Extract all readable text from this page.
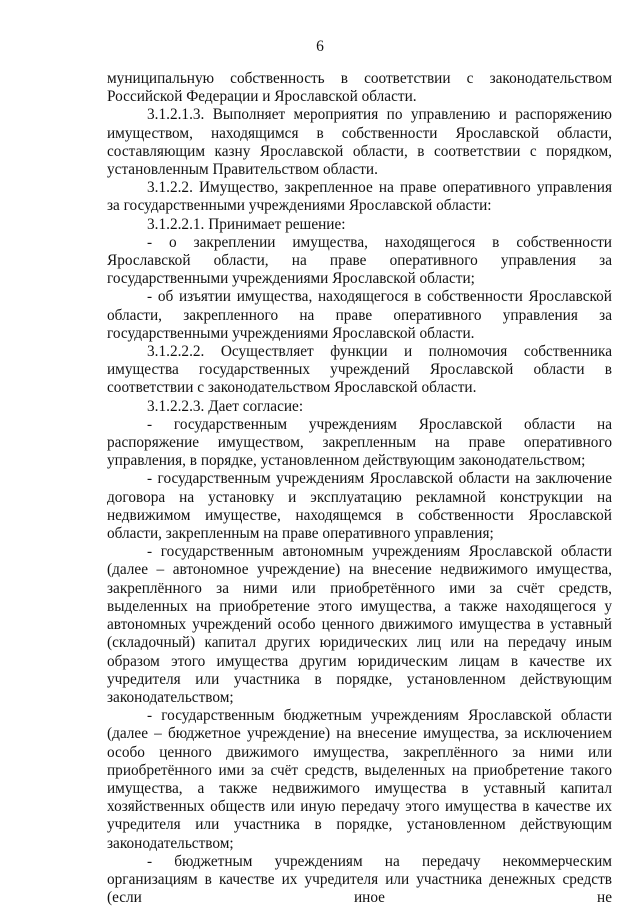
6

муниципальную собственность в соответствии с законодательством Российской Федерации и Ярославской области.

3.1.2.1.3. Выполняет мероприятия по управлению и распоряжению имуществом, находящимся в собственности Ярославской области, составляющим казну Ярославской области, в соответствии с порядком, установленным Правительством области.

3.1.2.2. Имущество, закрепленное на праве оперативного управления за государственными учреждениями Ярославской области:

3.1.2.2.1. Принимает решение:

- о закреплении имущества, находящегося в собственности Ярославской области, на праве оперативного управления за государственными учреждениями Ярославской области;

- об изъятии имущества, находящегося в собственности Ярославской области, закрепленного на праве оперативного управления за государственными учреждениями Ярославской области.

3.1.2.2.2. Осуществляет функции и полномочия собственника имущества государственных учреждений Ярославской области в соответствии с законодательством Ярославской области.

3.1.2.2.3. Дает согласие:

- государственным учреждениям Ярославской области на распоряжение имуществом, закрепленным на праве оперативного управления, в порядке, установленном действующим законодательством;

- государственным учреждениям Ярославской области на заключение договора на установку и эксплуатацию рекламной конструкции на недвижимом имуществе, находящемся в собственности Ярославской области, закрепленным на праве оперативного управления;

- государственным автономным учреждениям Ярославской области (далее – автономное учреждение) на внесение недвижимого имущества, закреплённого за ними или приобретённого ими за счёт средств, выделенных на приобретение этого имущества, а также находящегося у автономных учреждений особо ценного движимого имущества в уставный (складочный) капитал других юридических лиц или на передачу иным образом этого имущества другим юридическим лицам в качестве их учредителя или участника в порядке, установленном действующим законодательством;

- государственным бюджетным учреждениям Ярославской области (далее – бюджетное учреждение) на внесение имущества, за исключением особо ценного движимого имущества, закреплённого за ними или приобретённого ими за счёт средств, выделенных на приобретение такого имущества, а также недвижимого имущества в уставный капитал хозяйственных обществ или иную передачу этого имущества в качестве их учредителя или участника в порядке, установленном действующим законодательством;

- бюджетным учреждениям на передачу некоммерческим организациям в качестве их учредителя или участника денежных средств (если иное не
